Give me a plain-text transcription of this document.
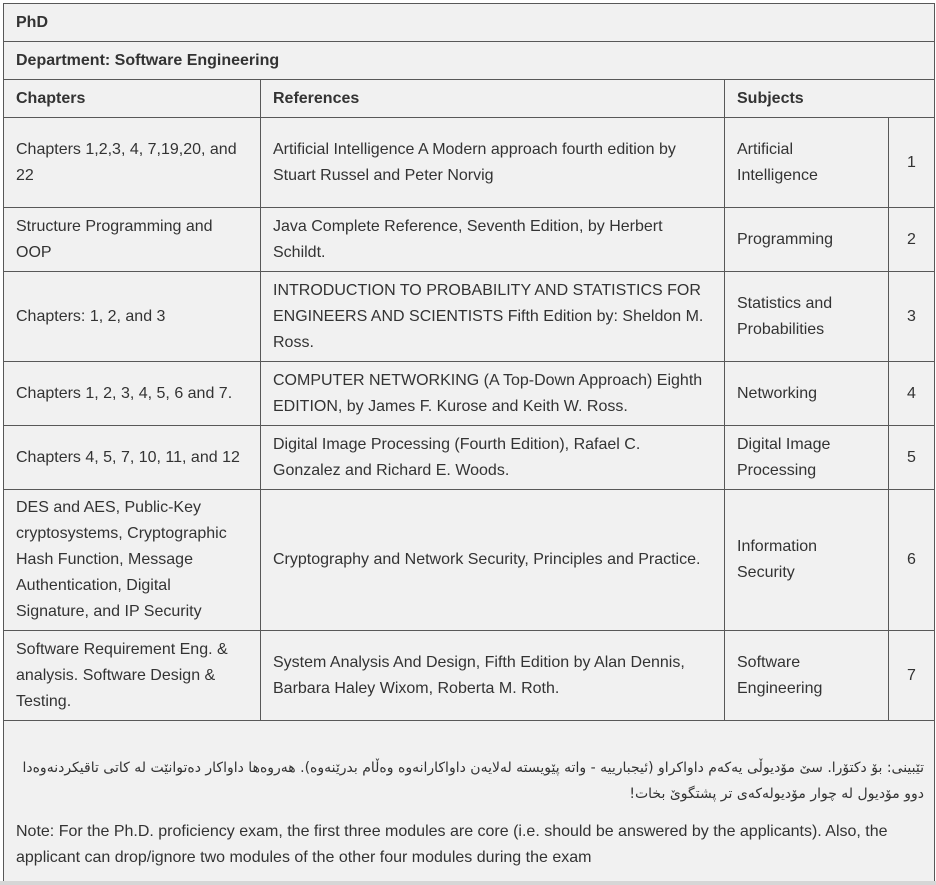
PhD			
Department: Software Engineering			
Chapters	References	Subjects	
Chapters 1,2,3, 4, 7,19,20, and 22	Artificial Intelligence A Modern approach fourth edition by Stuart Russel and Peter Norvig	Artificial Intelligence	1
Structure Programming and OOP	Java Complete Reference, Seventh Edition, by Herbert Schildt.	Programming	2
Chapters: 1, 2, and 3	INTRODUCTION TO PROBABILITY AND STATISTICS FOR ENGINEERS AND SCIENTISTS Fifth Edition by: Sheldon M. Ross.	Statistics and Probabilities	3
Chapters 1, 2, 3, 4, 5, 6 and 7.	COMPUTER NETWORKING (A Top-Down Approach) Eighth EDITION, by James F. Kurose and Keith W. Ross.	Networking	4
Chapters 4, 5, 7, 10, 11, and 12	Digital Image Processing (Fourth Edition), Rafael C. Gonzalez and Richard E. Woods.	Digital Image Processing	5
DES and AES, Public-Key cryptosystems, Cryptographic Hash Function, Message Authentication, Digital Signature, and IP Security	Cryptography and Network Security, Principles and Practice.	Information Security	6
Software Requirement Eng. & analysis. Software Design & Testing.	System Analysis And Design, Fifth Edition by Alan Dennis, Barbara Haley Wixom, Roberta M. Roth.	Software Engineering	7

تێبینی: بۆ دکتۆرا. سێ مۆدیوڵی یەکەم داواکراو (ئیجبارییە - واتە پێویستە لەلایەن داواکارانەوە وەڵام بدرێنەوە). هەروەها داواکار دەتوانێت لە کاتی تاقیکردنەوەدا دوو مۆدیول لە چوار مۆدیولەکەی تر پشتگوێ بخات!
Note: For the Ph.D. proficiency exam, the first three modules are core (i.e. should be answered by the applicants). Also, the applicant can drop/ignore two modules of the other four modules during the exam			
